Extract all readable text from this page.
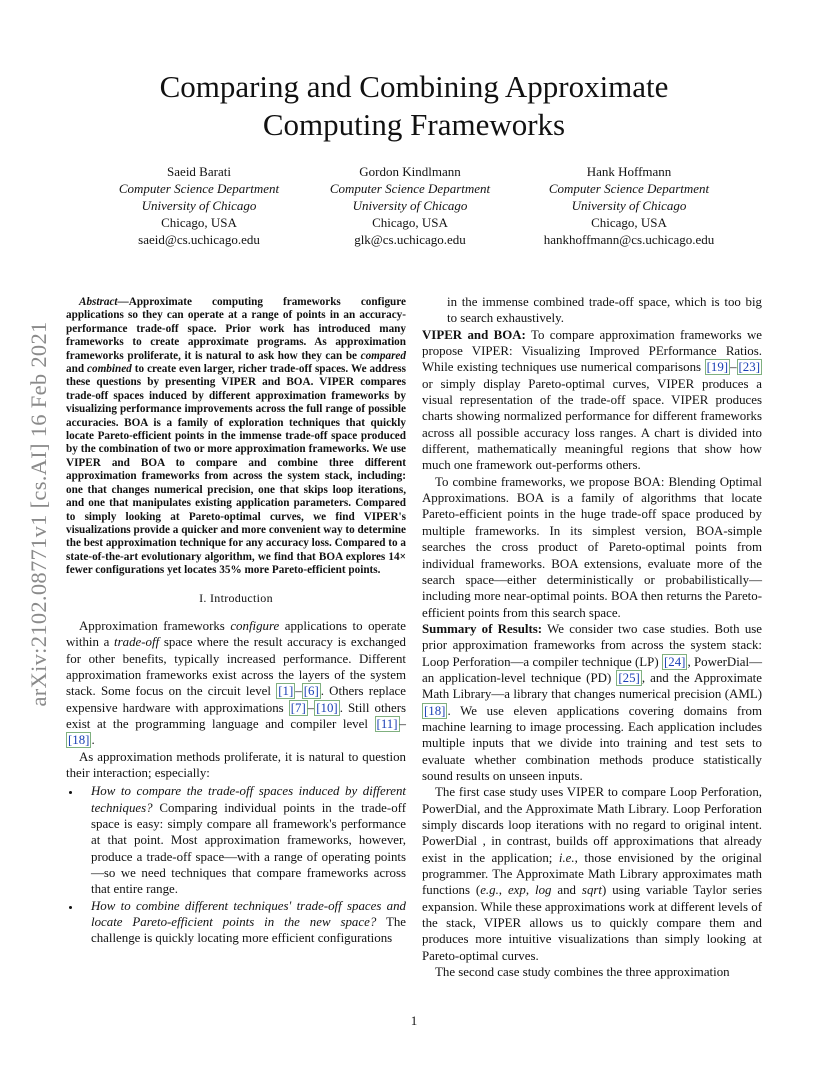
Comparing and Combining Approximate
Computing Frameworks
Saeid Barati
Computer Science Department
University of Chicago
Chicago, USA
saeid@cs.uchicago.edu
Gordon Kindlmann
Computer Science Department
University of Chicago
Chicago, USA
glk@cs.uchicago.edu
Hank Hoffmann
Computer Science Department
University of Chicago
Chicago, USA
hankhoffmann@cs.uchicago.edu
arXiv:2102.08771v1 [cs.AI] 16 Feb 2021

Abstract—Approximate computing frameworks configure applications so they can operate at a range of points in an accuracy-performance trade-off space. Prior work has introduced many frameworks to create approximate programs. As approximation frameworks proliferate, it is natural to ask how they can be compared and combined to create even larger, richer trade-off spaces. We address these questions by presenting VIPER and BOA. VIPER compares trade-off spaces induced by different approximation frameworks by visualizing performance improvements across the full range of possible accuracies. BOA is a family of exploration techniques that quickly locate Pareto-efficient points in the immense trade-off space produced by the combination of two or more approximation frameworks. We use VIPER and BOA to compare and combine three different approximation frameworks from across the system stack, including: one that changes numerical precision, one that skips loop iterations, and one that manipulates existing application parameters. Compared to simply looking at Pareto-optimal curves, we find VIPER's visualizations provide a quicker and more convenient way to determine the best approximation technique for any accuracy loss. Compared to a state-of-the-art evolutionary algorithm, we find that BOA explores 14× fewer configurations yet locates 35% more Pareto-efficient points.

I. Introduction

Approximation frameworks configure applications to operate within a trade-off space where the result accuracy is exchanged for other benefits, typically increased performance. Different approximation frameworks exist across the layers of the system stack. Some focus on the circuit level [1] – [6] . Others replace expensive hardware with approximations [7] – [10] . Still others exist at the programming language and compiler level [11] –[18] .

As approximation methods proliferate, it is natural to question their interaction; especially:

• How to compare the trade-off spaces induced by different techniques? Comparing individual points in the trade-off space is easy: simply compare all framework's performance at that point. Most approximation frameworks, however, produce a trade-off space—with a range of operating points—so we need techniques that compare frameworks across that entire range.
• How to combine different techniques' trade-off spaces and locate Pareto-efficient points in the new space? The challenge is quickly locating more efficient configurations
in the immense combined trade-off space, which is too big to search exhaustively.

VIPER and BOA: To compare approximation frameworks we propose VIPER: Visualizing Improved PErformance Ratios. While existing techniques use numerical comparisons [19] – [23] or simply display Pareto-optimal curves, VIPER produces a visual representation of the trade-off space. VIPER produces charts showing normalized performance for different frameworks across all possible accuracy loss ranges. A chart is divided into different, mathematically meaningful regions that show how much one framework out-performs others.

To combine frameworks, we propose BOA: Blending Optimal Approximations. BOA is a family of algorithms that locate Pareto-efficient points in the huge trade-off space produced by multiple frameworks. In its simplest version, BOA-simple searches the cross product of Pareto-optimal points from individual frameworks. BOA extensions, evaluate more of the search space—either deterministically or probabilistically—including more near-optimal points. BOA then returns the Pareto-efficient points from this search space.

Summary of Results: We consider two case studies. Both use prior approximation frameworks from across the system stack: Loop Perforation—a compiler technique (LP) [24] , PowerDial—an application-level technique (PD) [25] , and the Approximate Math Library—a library that changes numerical precision (AML) [18] . We use eleven applications covering domains from machine learning to image processing. Each application includes multiple inputs that we divide into training and test sets to evaluate whether combination methods produce statistically sound results on unseen inputs.

The first case study uses VIPER to compare Loop Perforation, PowerDial, and the Approximate Math Library. Loop Perforation simply discards loop iterations with no regard to original intent. PowerDial , in contrast, builds off approximations that already exist in the application; i.e., those envisioned by the original programmer. The Approximate Math Library approximates math functions (e.g., exp, log and sqrt) using variable Taylor series expansion. While these approximations work at different levels of the stack, VIPER allows us to quickly compare them and produces more intuitive visualizations than simply looking at Pareto-optimal curves.

The second case study combines the three approximation

1
